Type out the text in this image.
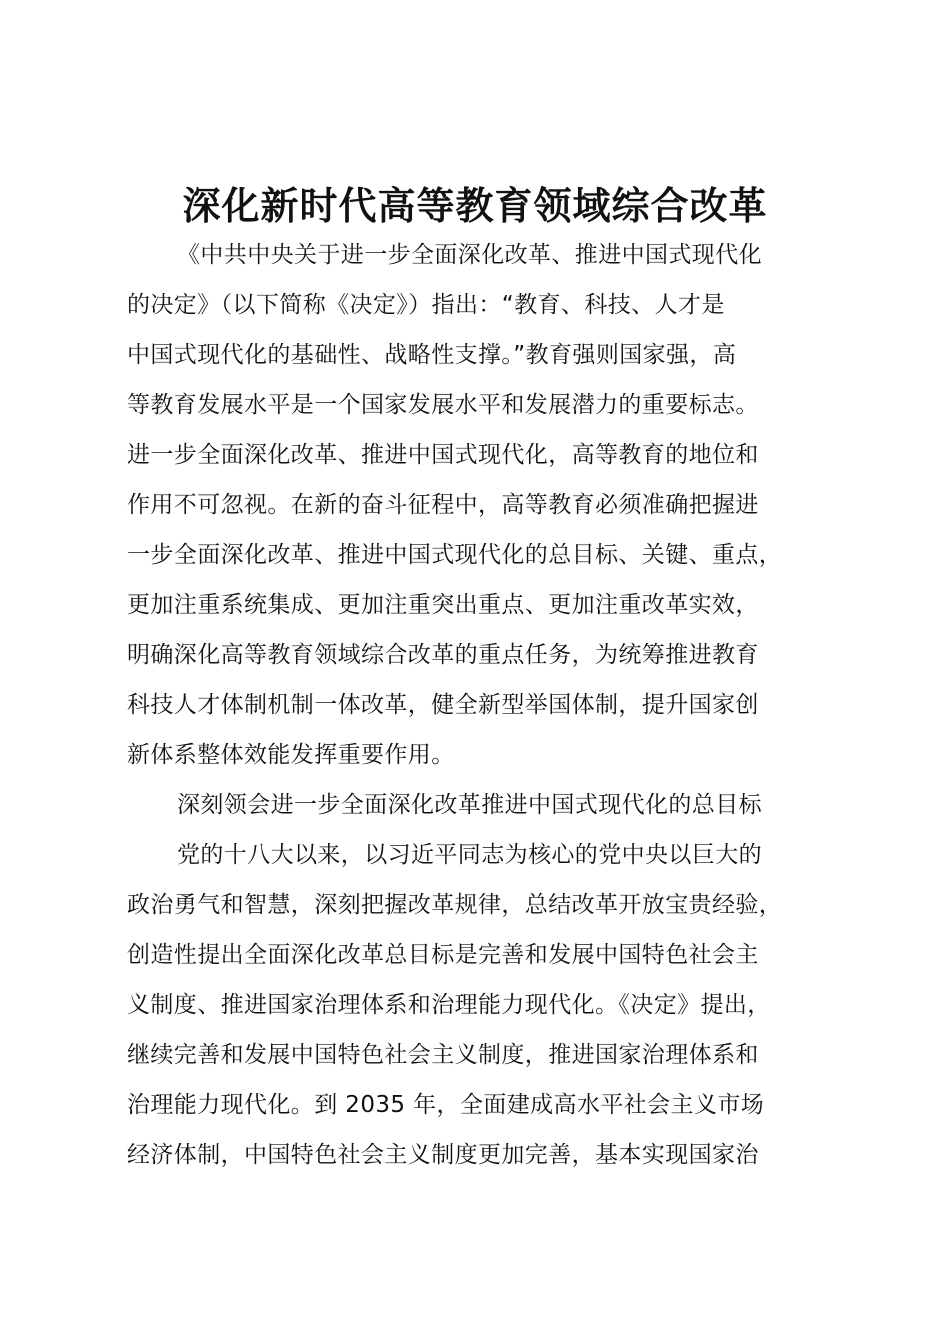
深化新时代高等教育领域综合改革
《中共中央关于进一步全面深化改革、推进中国式现代化
的决定》（以下简称《决定》）指出：“教育、科技、人才是
中国式现代化的基础性、战略性支撑。”教育强则国家强，高
等教育发展水平是一个国家发展水平和发展潜力的重要标志。
进一步全面深化改革、推进中国式现代化，高等教育的地位和
作用不可忽视。在新的奋斗征程中，高等教育必须准确把握进
一步全面深化改革、推进中国式现代化的总目标、关键、重点，
更加注重系统集成、更加注重突出重点、更加注重改革实效，
明确深化高等教育领域综合改革的重点任务，为统筹推进教育
科技人才体制机制一体改革，健全新型举国体制，提升国家创
新体系整体效能发挥重要作用。
深刻领会进一步全面深化改革推进中国式现代化的总目标
党的十八大以来，以习近平同志为核心的党中央以巨大的
政治勇气和智慧，深刻把握改革规律，总结改革开放宝贵经验，
创造性提出全面深化改革总目标是完善和发展中国特色社会主
义制度、推进国家治理体系和治理能力现代化。《决定》提出，
继续完善和发展中国特色社会主义制度，推进国家治理体系和
治理能力现代化。到 2035 年，全面建成高水平社会主义市场
经济体制，中国特色社会主义制度更加完善，基本实现国家治
